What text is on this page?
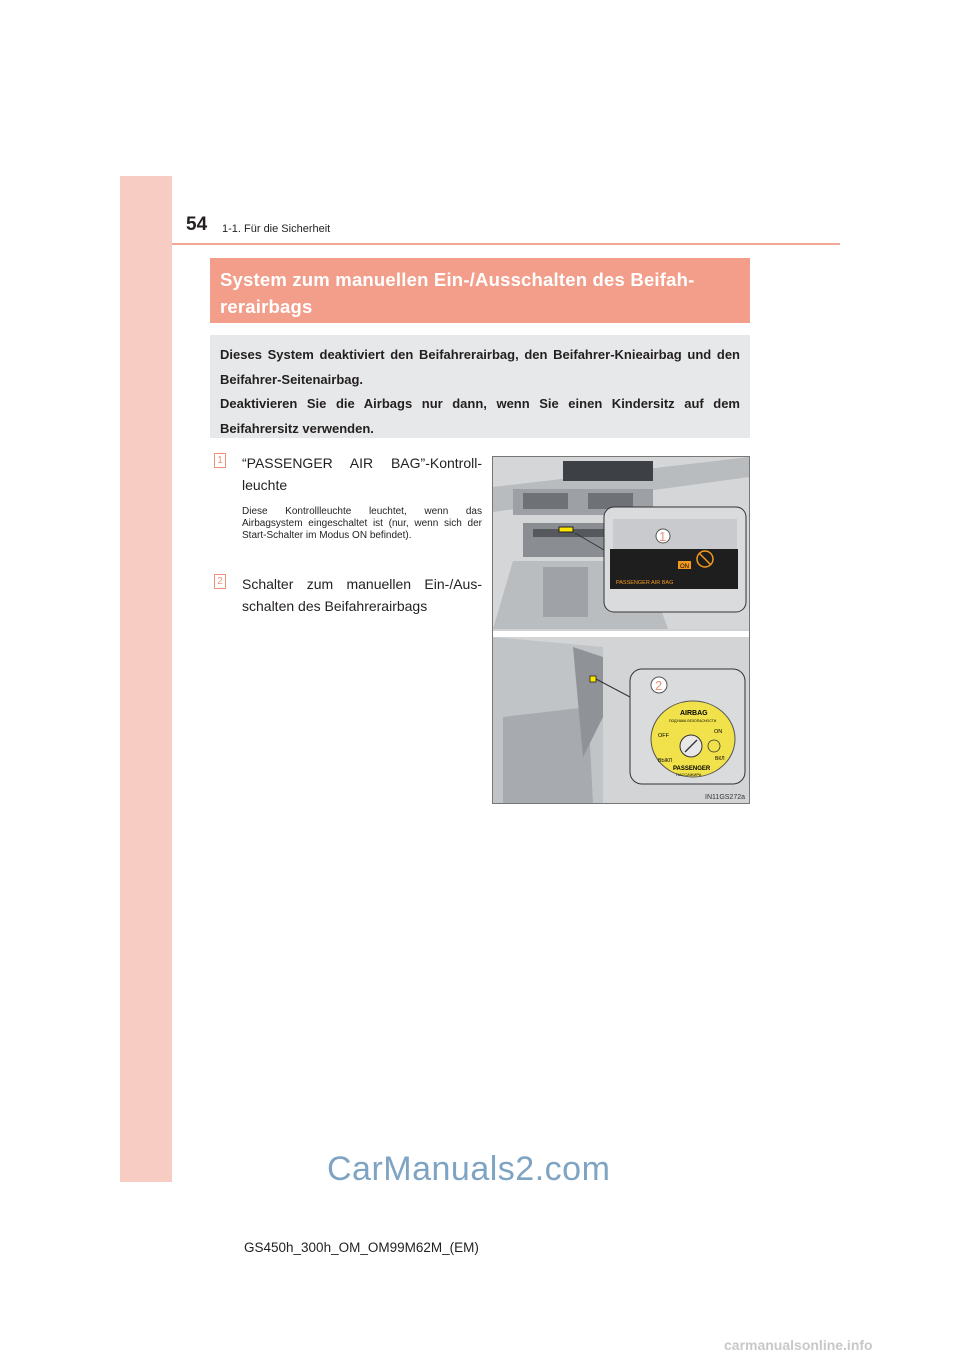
54 1-1. Für die Sicherheit
System zum manuellen Ein-/Ausschalten des Beifah-rerairbags

Dieses System deaktiviert den Beifahrerairbag, den Beifahrer-Knieairbag und den Beifahrer-Seitenairbag.

Deaktivieren Sie die Airbags nur dann, wenn Sie einen Kindersitz auf dem Beifahrersitz verwenden.

1 “PASSENGER AIR BAG”-Kontroll-leuchte

Diese Kontrollleuchte leuchtet, wenn das Airbagsystem eingeschaltet ist (nur, wenn sich der Start-Schalter im Modus ON befindet).

2 Schalter zum manuellen Ein-/Aus-schalten des Beifahrerairbags

1
ON
PASSENGER AIR BAG
2
AIRBAG
ПОДУШКА БЕЗОПАСНОСТИ
OFF
ON
ВЫКЛ	ВКЛ
PASSENGER
ПАССАЖИРА
IN11GS272a
CarManuals2.com
GS450h_300h_OM_OM99M62M_(EM)
carmanualsonline.info
